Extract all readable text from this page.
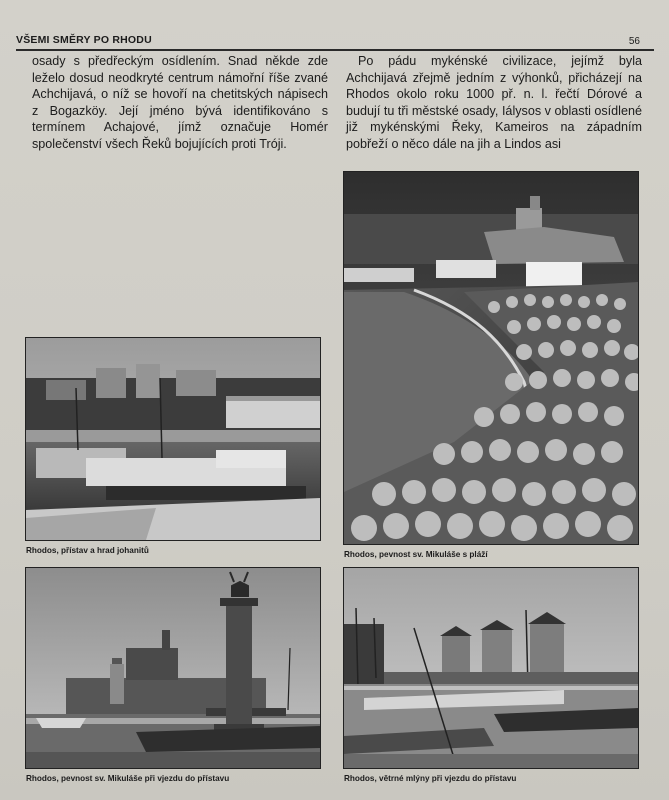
VŠEMI SMĚRY PO RHODU	56

osady s předřeckým osídlením. Snad někde zde leželo dosud neodkryté centrum námořní říše zvané Achchijavá, o níž se hovoří na chetitských nápisech z Bogazköy. Její jméno bývá identifikováno s termínem Achajové, jímž označuje Homér společenství všech Řeků bojujících proti Tróji.

Po pádu mykénské civilizace, jejímž byla Achchijavá zřejmě jedním z výhonků, přicházejí na Rhodos okolo roku 1000 př. n. l. řečtí Dórové a budují tu tři městské osady, Iálysos v oblasti osídlené již mykénskými Řeky, Kameiros na západním pobřeží o něco dále na jih a Lindos asi

Rhodos, přístav a hrad johanitů	Rhodos, pevnost sv. Mikuláše s pláží
Rhodos, pevnost sv. Mikuláše při vjezdu do přístavu	Rhodos, větrné mlýny při vjezdu do přístavu
